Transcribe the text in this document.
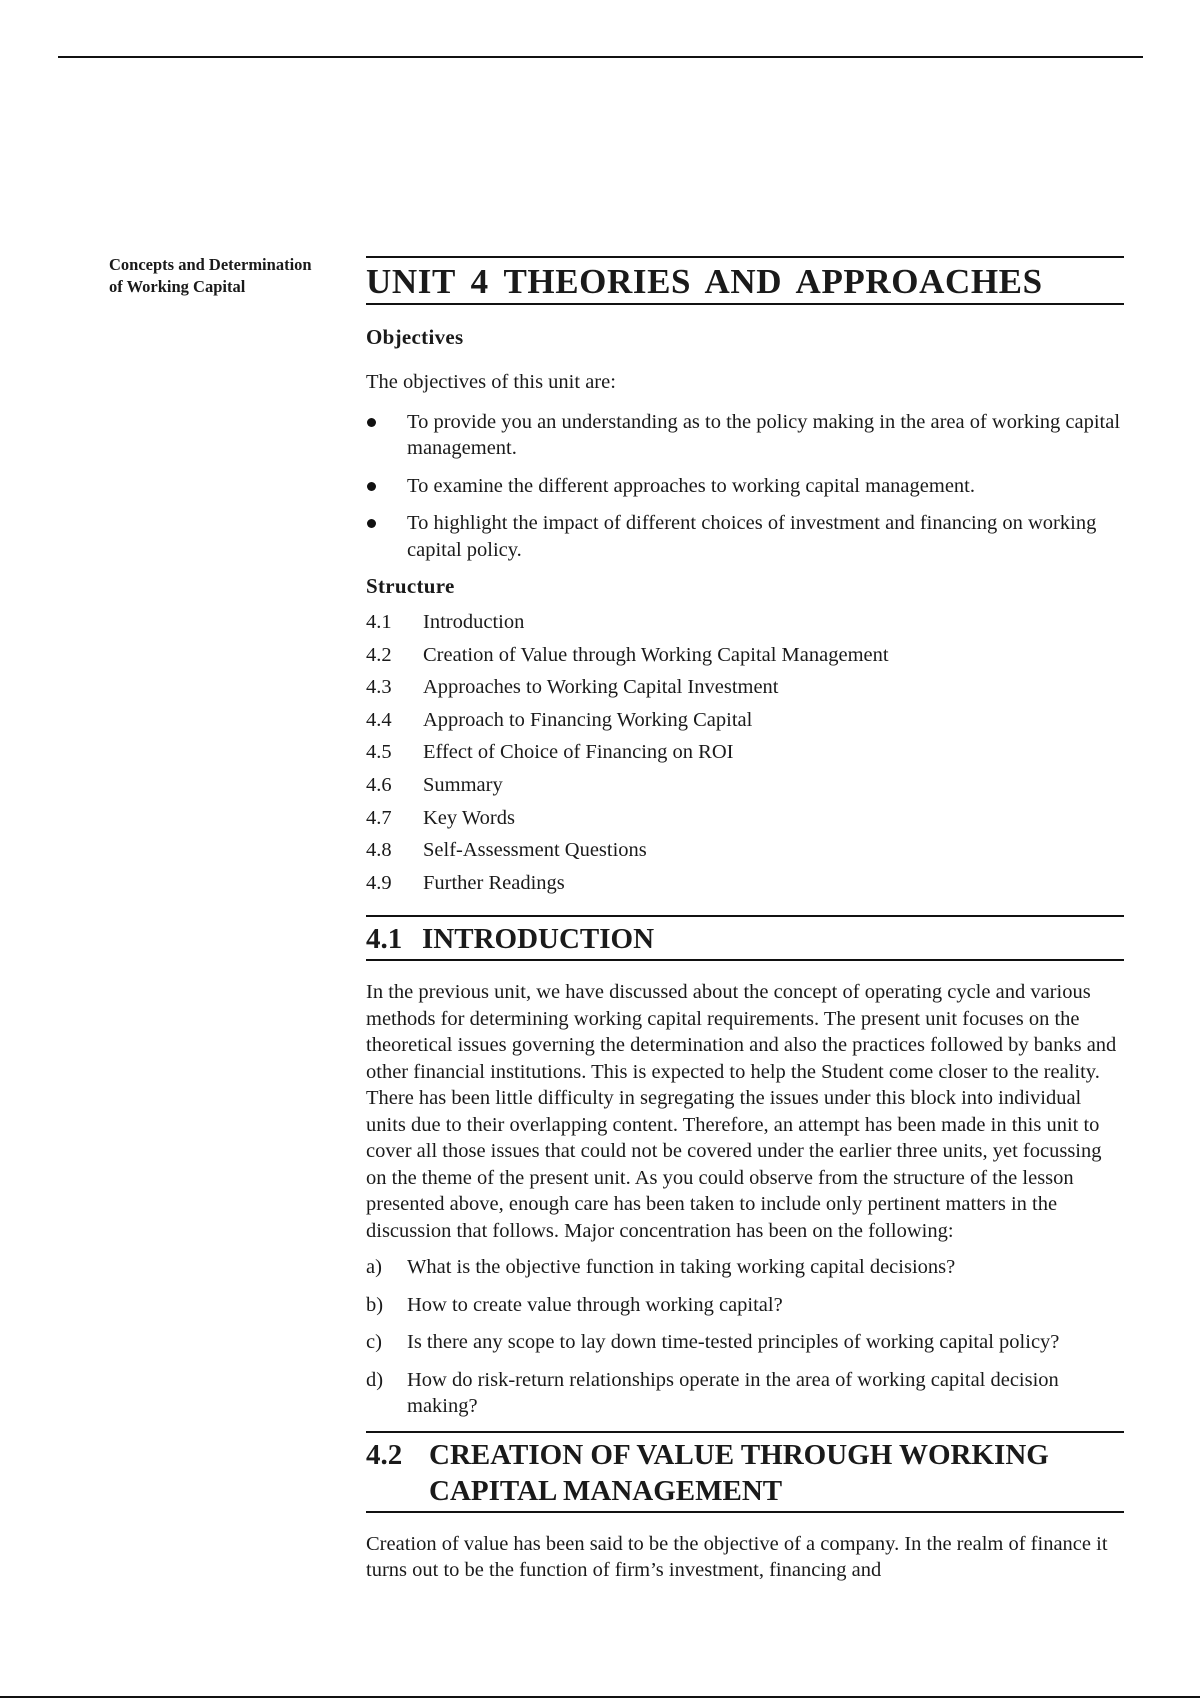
Concepts and Determination
of Working Capital	UNIT 4 THEORIES AND APPROACHES
Objectives

The objectives of this unit are:

To provide you an understanding as to the policy making in the area of working capital management.
To examine the different approaches to working capital management.
To highlight the impact of different choices of investment and financing on working capital policy.
Structure
4.1 Introduction
4.2 Creation of Value through Working Capital Management
4.3 Approaches to Working Capital Investment
4.4 Approach to Financing Working Capital
4.5 Effect of Choice of Financing on ROI
4.6 Summary
4.7 Key Words
4.8 Self-Assessment Questions
4.9 Further Readings
4.1 INTRODUCTION

In the previous unit, we have discussed about the concept of operating cycle and various methods for determining working capital requirements. The present unit focuses on the theoretical issues governing the determination and also the practices followed by banks and other financial institutions. This is expected to help the Student come closer to the reality. There has been little difficulty in segregating the issues under this block into individual units due to their overlapping content. Therefore, an attempt has been made in this unit to cover all those issues that could not be covered under the earlier three units, yet focussing on the theme of the present unit. As you could observe from the structure of the lesson presented above, enough care has been taken to include only pertinent matters in the discussion that follows. Major concentration has been on the following:

a) What is the objective function in taking working capital decisions?
b) How to create value through working capital?
c) Is there any scope to lay down time-tested principles of working capital policy?
d) How do risk-return relationships operate in the area of working capital decision making?
4.2 CREATION OF VALUE THROUGH WORKING CAPITAL MANAGEMENT

Creation of value has been said to be the objective of a company. In the realm of finance it turns out to be the function of firm’s investment, financing and
